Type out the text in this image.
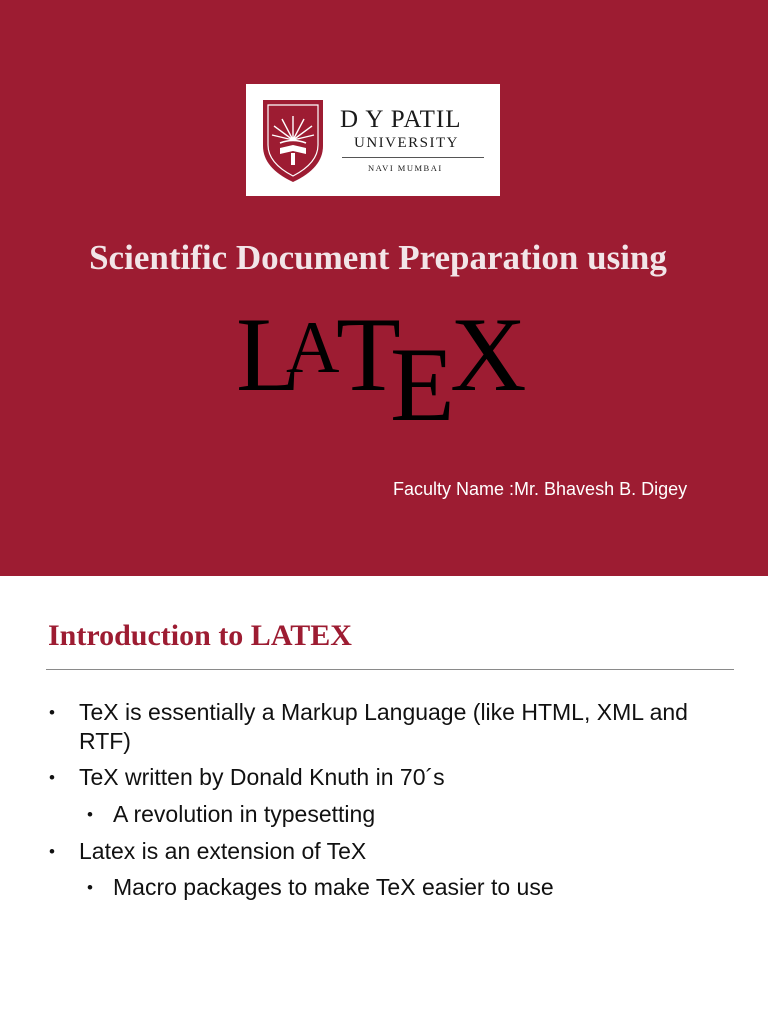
D Y PATIL
UNIVERSITY
NAVI MUMBAI
Scientific Document Preparation using
L
A
T
E
X
Faculty Name :Mr. Bhavesh B. Digey
Introduction to LATEX
• TeX is essentially a Markup Language (like HTML, XML and RTF)
• TeX written by Donald Knuth in 70´s
• A revolution in typesetting
• Latex is an extension of TeX
• Macro packages to make TeX easier to use
